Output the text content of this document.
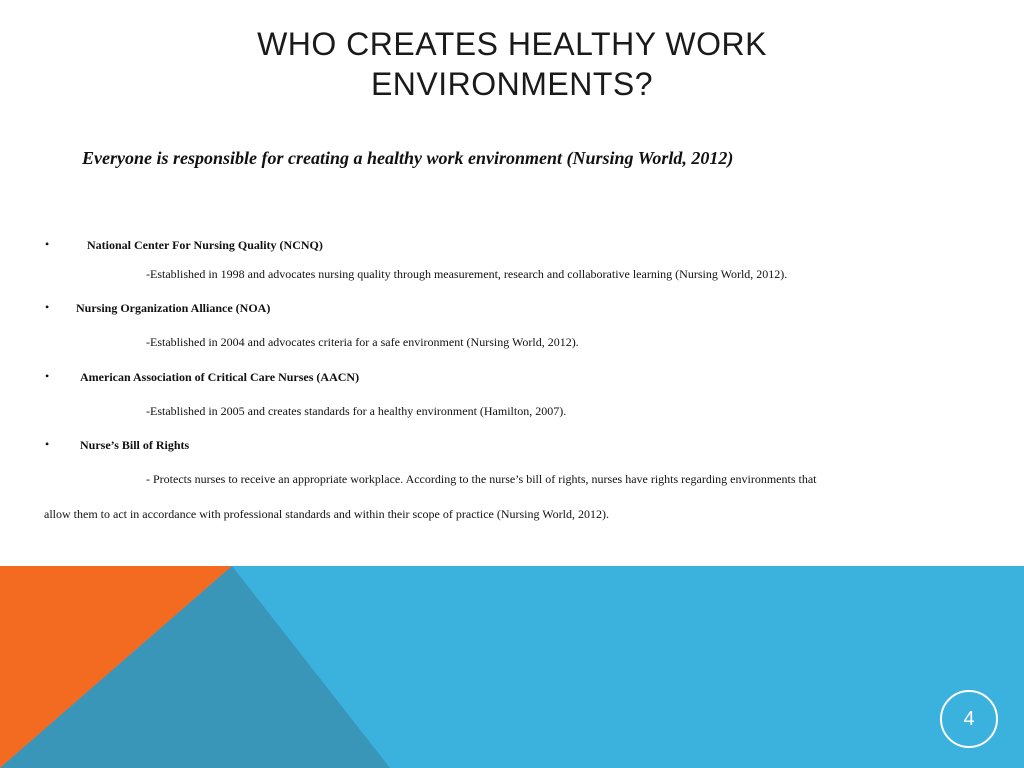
WHO CREATES HEALTHY WORK
ENVIRONMENTS?
Everyone is responsible for creating a healthy work environment (Nursing World, 2012)
•	National Center For Nursing Quality (NCNQ)
-Established in 1998 and advocates nursing quality through measurement, research and collaborative learning (Nursing World, 2012).
• Nursing Organization Alliance (NOA)
-Established in 2004 and advocates criteria for a safe environment (Nursing World, 2012).
•	American Association of Critical Care Nurses (AACN)
-Established in 2005 and creates standards for a healthy environment (Hamilton, 2007).
•	Nurse’s Bill of Rights
- Protects nurses to receive an appropriate workplace. According to the nurse’s bill of rights, nurses have rights regarding environments that
allow them to act in accordance with professional standards and within their scope of practice (Nursing World, 2012).
4
